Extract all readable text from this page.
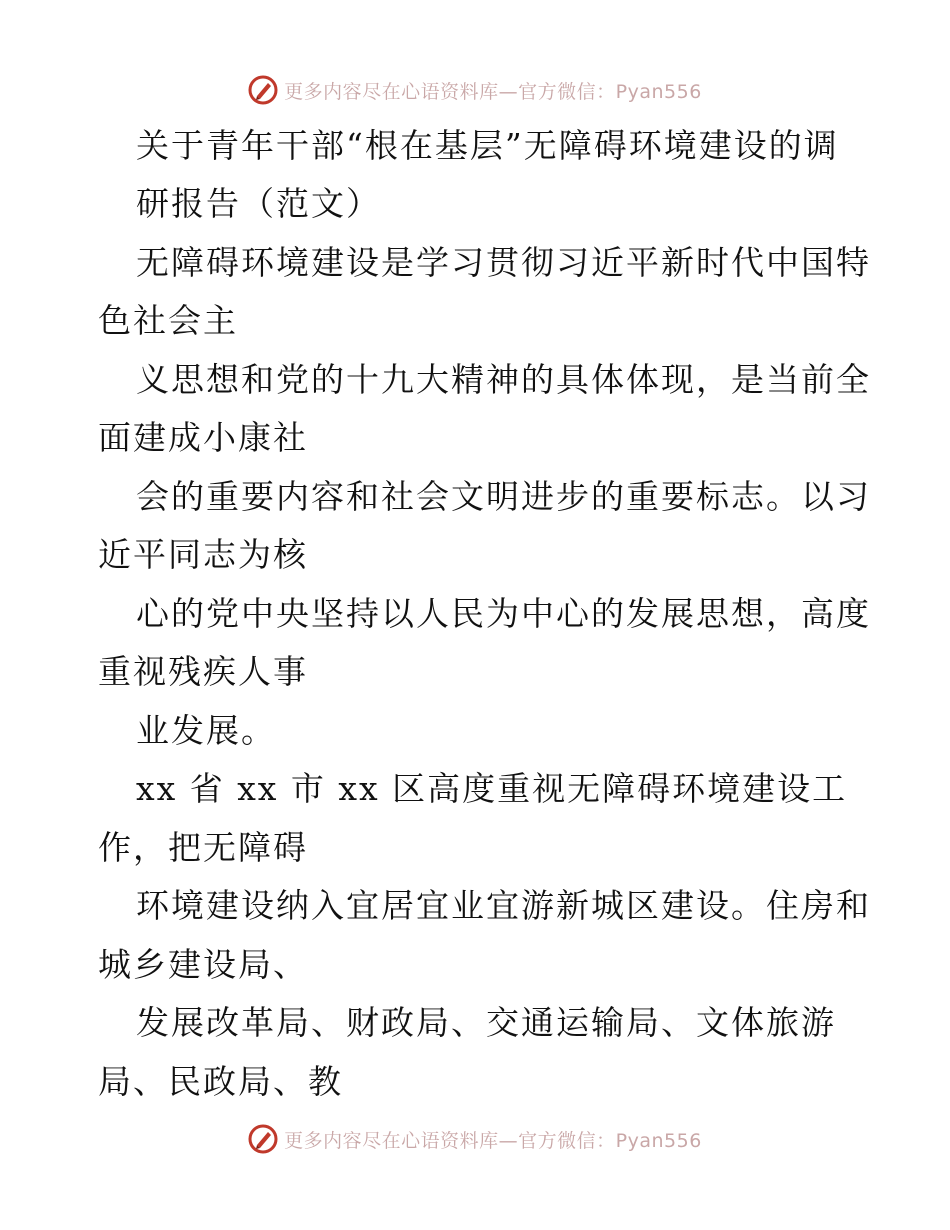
更多内容尽在心语资料库—官方微信：Pyan556
关于青年干部“根在基层”无障碍环境建设的调
研报告（范文）
无障碍环境建设是学习贯彻习近平新时代中国特
色社会主
义思想和党的十九大精神的具体体现，是当前全
面建成小康社
会的重要内容和社会文明进步的重要标志。以习
近平同志为核
心的党中央坚持以人民为中心的发展思想，高度
重视残疾人事
业发展。
xx 省 xx 市 xx 区高度重视无障碍环境建设工
作，把无障碍
环境建设纳入宜居宜业宜游新城区建设。住房和
城乡建设局、
发展改革局、财政局、交通运输局、文体旅游
局、民政局、教
更多内容尽在心语资料库—官方微信：Pyan556
